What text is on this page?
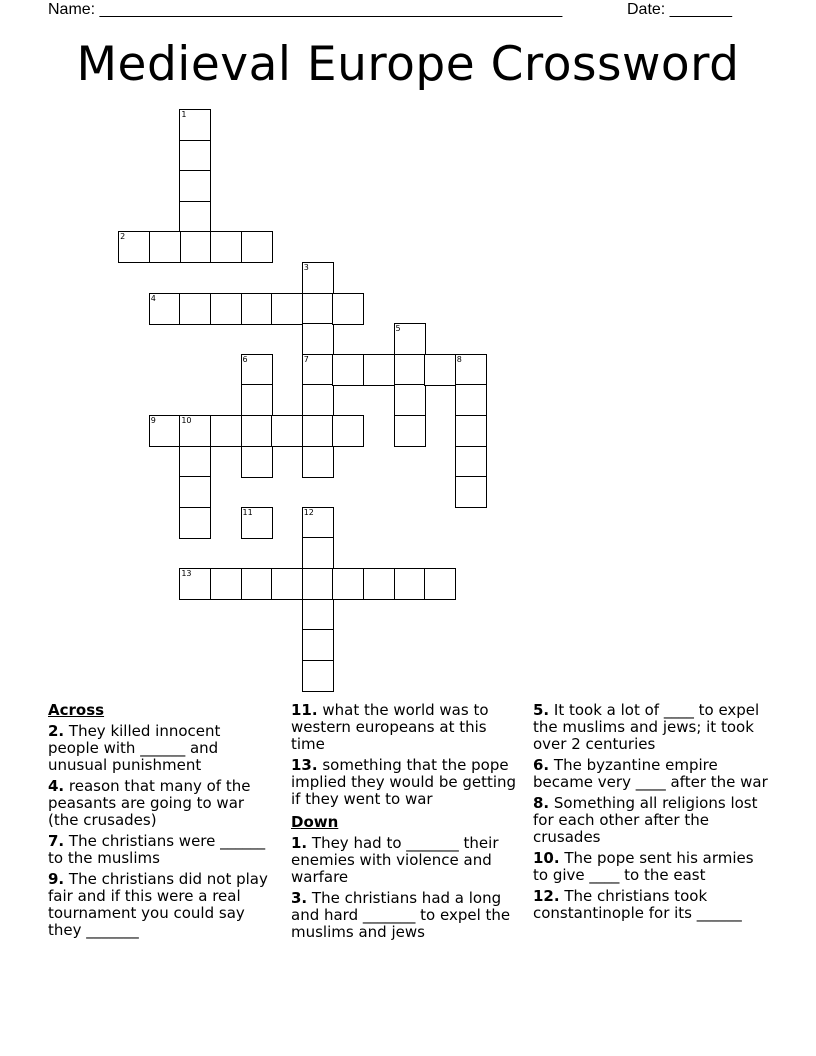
Name: ____________________________________________________	Date: _______
Medieval Europe Crossword
1
2
3
7
4
5
6	8
9	10
11	12
13
Across
2. They killed innocent people with ______ and unusual punishment
4. reason that many of the peasants are going to war (the crusades)
7. The christians were ______ to the muslims
9. The christians did not play fair and if this were a real tournament you could say they _______
11. what the world was to western europeans at this time
13. something that the pope implied they would be getting if they went to war
Down
1. They had to _______ their enemies with violence and warfare
3. The christians had a long and hard _______ to expel the muslims and jews
5. It took a lot of ____ to expel the muslims and jews; it took over 2 centuries
6. The byzantine empire became very ____ after the war
8. Something all religions lost for each other after the crusades
10. The pope sent his armies to give ____ to the east
12. The christians took constantinople for its ______
